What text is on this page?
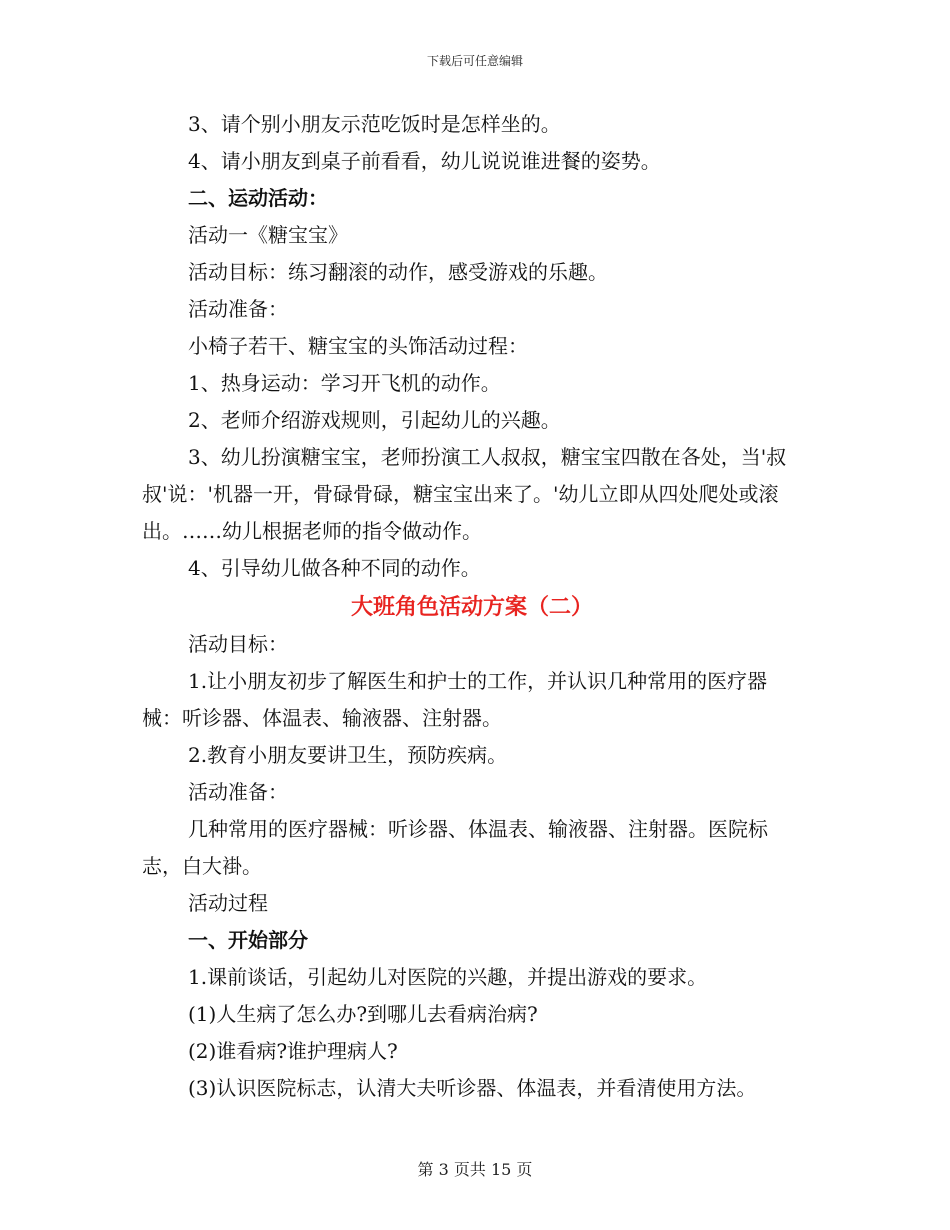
下载后可任意编辑

3、请个别小朋友示范吃饭时是怎样坐的。

4、请小朋友到桌子前看看，幼儿说说谁进餐的姿势。

二、运动活动：

活动一《糖宝宝》

活动目标：练习翻滚的动作，感受游戏的乐趣。

活动准备：

小椅子若干、糖宝宝的头饰活动过程：

1、热身运动：学习开飞机的动作。

2、老师介绍游戏规则，引起幼儿的兴趣。

3、幼儿扮演糖宝宝，老师扮演工人叔叔，糖宝宝四散在各处，当'叔叔'说：'机器一开，骨碌骨碌，糖宝宝出来了。'幼儿立即从四处爬处或滚出。……幼儿根据老师的指令做动作。

4、引导幼儿做各种不同的动作。

大班角色活动方案（二）

活动目标：

1.让小朋友初步了解医生和护士的工作，并认识几种常用的医疗器械：听诊器、体温表、输液器、注射器。

2.教育小朋友要讲卫生，预防疾病。

活动准备：

几种常用的医疗器械：听诊器、体温表、输液器、注射器。医院标志，白大褂。

活动过程

一、开始部分

1.课前谈话，引起幼儿对医院的兴趣，并提出游戏的要求。

(1)人生病了怎么办?到哪儿去看病治病?

(2)谁看病?谁护理病人?

(3)认识医院标志，认清大夫听诊器、体温表，并看清使用方法。

第 3 页共 15 页
